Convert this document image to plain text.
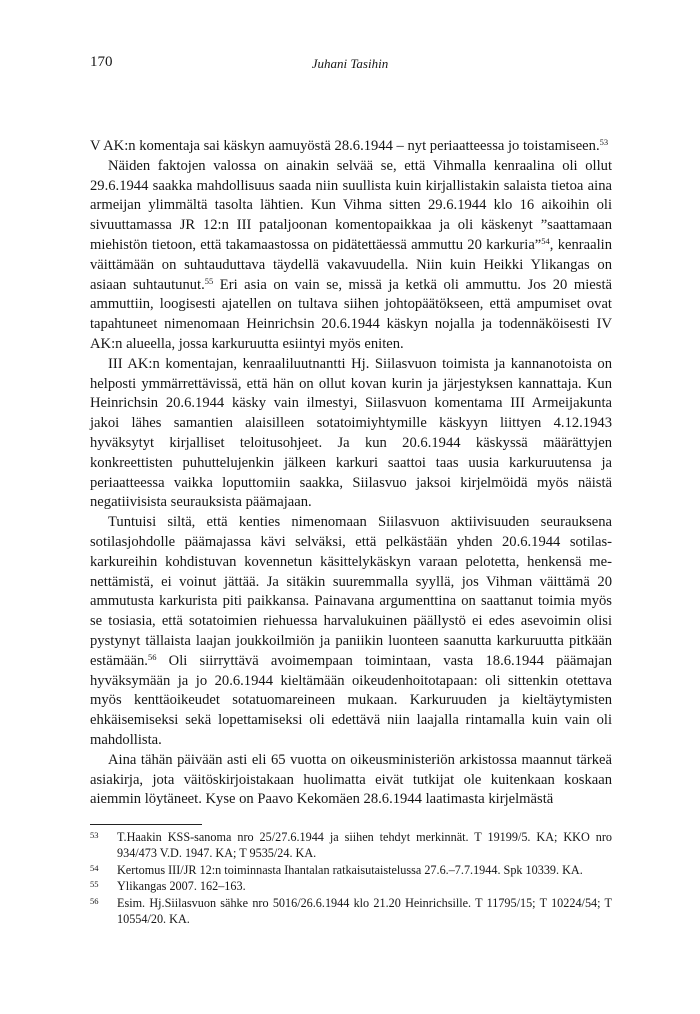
170	Juhani Tasihin

V AK:n komentaja sai käskyn aamuyöstä 28.6.1944 – nyt periaatteessa jo toistamiseen.$^{53}$

Näiden faktojen valossa on ainakin selvää se, että Vihmalla kenraalina oli ollut 29.6.1944 saakka mahdollisuus saada niin suullista kuin kirjallistakin salaista tietoa aina armeijan ylimmältä tasolta lähtien. Kun Vihma sitten 29.6.1944 klo 16 aikoihin oli sivuuttamassa JR 12:n III pataljoonan komentopaikkaa ja oli käskenyt ”saattamaan miehistön tietoon, että takamaastossa on pidätettäessä ammuttu 20 karkuria”$^{54}$, kenraalin väittämään on suhtauduttava täydellä vakavuudella. Niin kuin Heikki Ylikangas on asiaan suhtautunut.$^{55}$ Eri asia on vain se, missä ja ketkä oli ammuttu. Jos 20 miestä ammuttiin, loogisesti ajatellen on tultava siihen johtopäätökseen, että ampumiset ovat tapahtuneet nimenomaan Heinrichsin 20.6.1944 käskyn nojalla ja todennäköisesti IV AK:n alueella, jossa karkuruutta esiintyi myös eniten.

III AK:n komentajan, kenraaliluutnantti Hj. Siilasvuon toimista ja kannanotoista on helposti ymmärrettävissä, että hän on ollut kovan kurin ja järjestyksen kannattaja. Kun Heinrichsin 20.6.1944 käsky vain ilmestyi, Siilasvuon komentama III Armeijakunta jakoi lähes samantien alaisilleen sotatoimiyhtymille käskyyn liittyen 4.12.1943 hyväksytyt kirjalliset teloitusohjeet. Ja kun 20.6.1944 käskyssä määrättyjen konkreettisten puhuttelujenkin jälkeen karkuri saattoi taas uusia karkuruutensa ja periaatteessa vaikka loputtomiin saakka, Siilasvuo jaksoi kirjelmöidä myös näistä negatiivisista seurauksista päämajaan.

Tuntuisi siltä, että kenties nimenomaan Siilasvuon aktiivisuuden seurauksena sotilasjohdolle päämajassa kävi selväksi, että pelkästään yhden 20.6.1944 sotilaskarkureihin kohdistuvan kovennetun käsittelykäskyn varaan pelotetta, henkensä menettämistä, ei voinut jättää. Ja sitäkin suuremmalla syyllä, jos Vihman väittämä 20 ammutusta karkurista piti paikkansa. Painavana argumenttina on saattanut toimia myös se tosiasia, että sotatoimien riehuessa harvalukuinen päällystö ei edes asevoimin olisi pystynyt tällaista laajan joukkoilmiön ja paniikin luonteen saanutta karkuruutta pitkään estämään.$^{56}$ Oli siirryttävä avoimempaan toimintaan, vasta 18.6.1944 päämajan hyväksymään ja jo 20.6.1944 kieltämään oikeudenhoitotapaan: oli sittenkin otettava myös kenttäoikeudet sotatuomareineen mukaan. Karkuruuden ja kieltäytymisten ehkäisemiseksi sekä lopettamiseksi oli edettävä niin laajalla rintamalla kuin vain oli mahdollista.

Aina tähän päivään asti eli 65 vuotta on oikeusministeriön arkistossa maannut tärkeä asiakirja, jota väitöskirjoistakaan huolimatta eivät tutkijat ole kuitenkaan koskaan aiemmin löytäneet. Kyse on Paavo Kekomäen 28.6.1944 laatimasta kirjelmästä

53	T.Haakin KSS-sanoma nro 25/27.6.1944 ja siihen tehdyt merkinnät. T 19199/5. KA; KKO nro 934/473 V.D. 1947. KA; T 9535/24. KA.
54	Kertomus III/JR 12:n toiminnasta Ihantalan ratkaisutaistelussa 27.6.–7.7.1944. Spk 10339. KA.
55	Ylikangas 2007. 162–163.
56	Esim. Hj.Siilasvuon sähke nro 5016/26.6.1944 klo 21.20 Heinrichsille. T 11795/15; T 10224/54; T 10554/20. KA.
